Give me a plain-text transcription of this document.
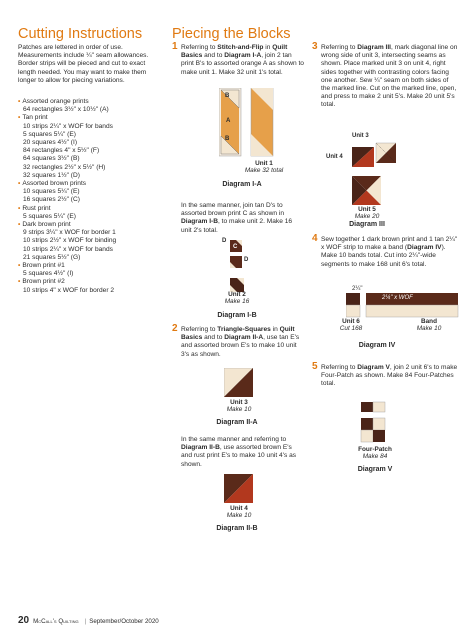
Cutting Instructions

Patches are lettered in order of use. Measurements include ¼" seam allowances. Border strips will be pieced and cut to exact length needed. You may want to make them longer to allow for piecing variations.

• Assorted orange prints
64 rectangles 3½" x 10½" (A)
• Tan print
10 strips 2¼" x WOF for bands
5 squares 5¼" (E)
20 squares 4½" (I)
84 rectangles 4" x 5½" (F)
64 squares 3½" (B)
32 rectangles 2½" x 5½" (H)
32 squares 1½" (D)
• Assorted brown prints
10 squares 5¼" (E)
16 squares 2½" (C)
• Rust print
5 squares 5¼" (E)
• Dark brown print
9 strips 3¼" x WOF for border 1
10 strips 2½" x WOF for binding
10 strips 2¼" x WOF for bands
21 squares 5½" (G)
• Brown print #1
5 squares 4½" (I)
• Brown print #2
10 strips 4" x WOF for border 2
Piecing the Blocks
1 Referring to Stitch-and-Flip in Quilt Basics and to Diagram I-A, join 2 tan print B's to assorted orange A as shown to make unit 1. Make 32 unit 1's total.
B
A
B
Unit 1
Make 32 total
Diagram I-A

In the same manner, join tan D's to assorted brown print C as shown in Diagram I-B, to make unit 2. Make 16 unit 2's total.

D
C
D
Unit 2
Make 16
Diagram I-B
2 Referring to Triangle-Squares in Quilt Basics and to Diagram II-A, use tan E's and assorted brown E's to make 10 unit 3's as shown.
Unit 3
Make 10
Diagram II-A

In the same manner and referring to Diagram II-B, use assorted brown E's and rust print E's to make 10 unit 4's as shown.

Unit 4
Make 10
Diagram II-B
3 Referring to Diagram III, mark diagonal line on wrong side of unit 3, intersecting seams as shown. Place marked unit 3 on unit 4, right sides together with contrasting colors facing one another. Sew ¼" seam on both sides of the marked line. Cut on the marked line, open, and press to make 2 unit 5's. Make 20 unit 5's total.
Unit 3
Unit 4
Unit 5
Make 20
Diagram III
4 Sew together 1 dark brown print and 1 tan 2¼" x WOF strip to make a band (Diagram IV). Make 10 bands total. Cut into 2¼"-wide segments to make 168 unit 6's total.
2¼"
2¼" x WOF
Unit 6
Cut 168
Band
Make 10
Diagram IV
5 Referring to Diagram V, join 2 unit 6's to make Four-Patch as shown. Make 84 Four-Patches total.
Four-Patch
Make 84
Diagram V
20 McCall's Quilting | September/October 2020
